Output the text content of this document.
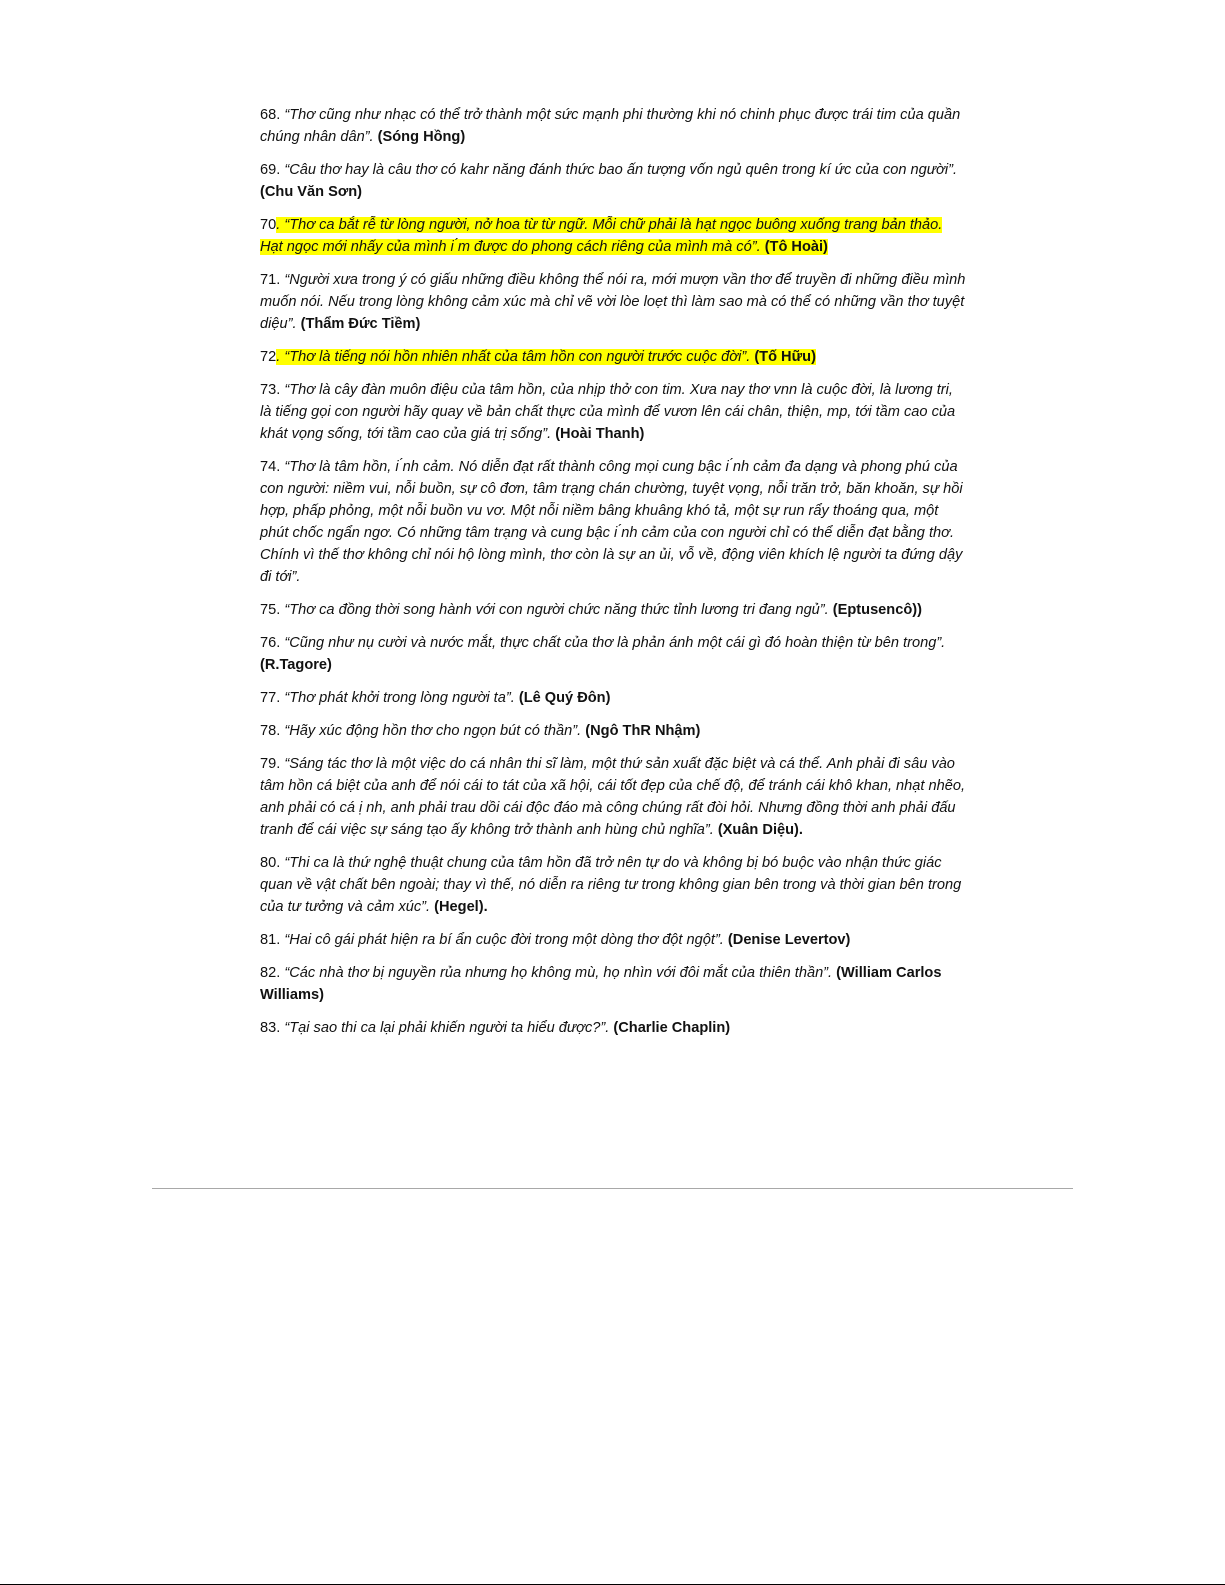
68. “Thơ cũng như nhạc có thể trở thành một sức mạnh phi thường khi nó chinh phục được trái tim của quần chúng nhân dân”. (Sóng Hồng)

69. “Câu thơ hay là câu thơ có kahr năng đánh thức bao ấn tượng vốn ngủ quên trong kí ức của con người”. (Chu Văn Sơn)

70. “Thơ ca bắt rễ từ lòng người, nở hoa từ từ ngữ. Mỗi chữ phải là hạt ngọc buông xuống trang bản thảo. Hạt ngọc mới nhấy của mình i ́m được do phong cách riêng của mình mà có”. (Tô Hoài)

71. “Người xưa trong ý có giấu những điều không thể nói ra, mới mượn vần thơ để truyền đi những điều mình muốn nói. Nếu trong lòng không cảm xúc mà chỉ vẽ vời lòe loẹt thì làm sao mà có thể có những vần thơ tuyệt diệu”. (Thẩm Đức Tiềm)

72. “Thơ là tiếng nói hồn nhiên nhất của tâm hồn con người trước cuộc đời”. (Tố Hữu)

73. “Thơ là cây đàn muôn điệu của tâm hồn, của nhịp thở con tim. Xưa nay thơ vnn là cuộc đời, là lương tri, là tiếng gọi con người hãy quay về bản chất thực của mình để vươn lên cái chân, thiện, mp, tới tầm cao của khát vọng sống, tới tầm cao của giá trị sống”. (Hoài Thanh)

74. “Thơ là tâm hồn, i ́nh cảm. Nó diễn đạt rất thành công mọi cung bậc i ́nh cảm đa dạng và phong phú của con người: niềm vui, nỗi buồn, sự cô đơn, tâm trạng chán chường, tuyệt vọng, nỗi trăn trở, băn khoăn, sự hồi hợp, phấp phỏng, một nỗi buồn vu vơ. Một nỗi niềm bâng khuâng khó tả, một sự run rẩy thoáng qua, một phút chốc ngẩn ngơ. Có những tâm trạng và cung bậc i ́nh cảm của con người chỉ có thể diễn đạt bằng thơ. Chính vì thế thơ không chỉ nói hộ lòng mình, thơ còn là sự an ủi, vỗ về, động viên khích lệ người ta đứng dậy đi tới”.

75. “Thơ ca đồng thời song hành với con người chức năng thức tỉnh lương tri đang ngủ”. (Eptusencô))

76. “Cũng như nụ cười và nước mắt, thực chất của thơ là phản ánh một cái gì đó hoàn thiện từ bên trong”. (R.Tagore)

77. “Thơ phát khởi trong lòng người ta”. (Lê Quý Đôn)

78. “Hãy xúc động hồn thơ cho ngọn bút có thần”. (Ngô ThR Nhậm)

79. “Sáng tác thơ là một việc do cá nhân thi sĩ làm, một thứ sản xuất đặc biệt và cá thể. Anh phải đi sâu vào tâm hồn cá biệt của anh để nói cái to tát của xã hội, cái tốt đẹp của chế độ, để tránh cái khô khan, nhạt nhẽo, anh phải có cá i ̣nh, anh phải trau dồi cái độc đáo mà công chúng rất đòi hỏi. Nhưng đồng thời anh phải đấu tranh để cái việc sự sáng tạo ấy không trở thành anh hùng chủ nghĩa”. (Xuân Diệu).

80. “Thi ca là thứ nghệ thuật chung của tâm hồn đã trở nên tự do và không bị bó buộc vào nhận thức giác quan về vật chất bên ngoài; thay vì thế, nó diễn ra riêng tư trong không gian bên trong và thời gian bên trong của tư tưởng và cảm xúc”. (Hegel).

81. “Hai cô gái phát hiện ra bí ẩn cuộc đời trong một dòng thơ đột ngột”. (Denise Levertov)

82. “Các nhà thơ bị nguyền rủa nhưng họ không mù, họ nhìn với đôi mắt của thiên thần”. (William Carlos Williams)

83. “Tại sao thi ca lại phải khiến người ta hiểu được?”. (Charlie Chaplin)
